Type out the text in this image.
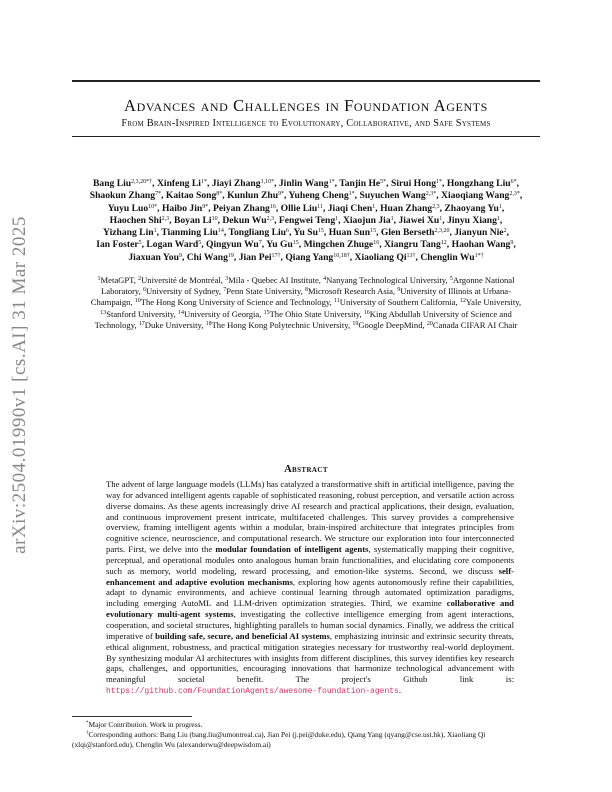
arXiv:2504.01990v1 [cs.AI] 31 Mar 2025
Advances and Challenges in Foundation Agents
From Brain-Inspired Intelligence to Evolutionary, Collaborative, and Safe Systems
Bang Liu$^{2,3,20*\dagger}$, Xinfeng $Li^{1*}$, Jiayi Zhang$^{1,10*}$, Jinlin Wang$^{1*}$, Tanjin $He^{5*}$, Sirui Hong$^{1*}$, Hongzhang Liu$^{6*}$, Shaokun Zhang$^{7*}$, Kaitao Song$^{8*}$, Kunlun Zhu$^{9*}$, Yuheng Cheng$^{1*}$, Suyuchen Wang$^{2,3*}$, Xiaoqiang Wang$^{2,3*}$, Yuyu Luo$^{10*}$, Haibo Jin$^{9*}$, Peiyan Zhang$^{16}$, Ollie Liu$^{11}$, Jiaqi Chen$^1$, Huan Zhang$^{2,3}$, Zhaoyang Yu$^1$, Haochen Shi$^{2,3}$, Boyan Li$^{10}$, Dekun Wu$^{2,3}$, Fengwei Teng$^1$, Xiaojun Jia$^1$, Jiawei Xu$^1$, Jinyu Xiang$^1$, Yizhang Lin$^1$, Tianming Liu$^{14}$, Tongliang Liu$^6$, Yu Su$^{15}$, Huan Sun$^{15}$, Glen Berseth$^{2,3,20}$, Jianyun Nie$^2$, Ian Foster$^5$, Logan Ward$^5$, Qingyun Wu$^7$, Yu Gu$^{15}$, Mingchen Zhuge$^{16}$, Xiangru Tang$^{12}$, Haohan Wang$^9$, Jiaxuan You$^9$, Chi Wang$^{19}$, Jian Pei$^{17\dagger}$, Qiang Yang$^{10,18\dagger}$, Xiaoliang $Qi^{13\dagger}$, Chenglin $Wu^{1*\dagger}$
$^1$MetaGPT, $^2$Université de Montréal, $^3$Mila - Quebec AI Institute, $^4$Nanyang Technological University, $^5$Argonne National Laboratory, $^6$University of Sydney, $^7$Penn State University, $^8$Microsoft Research Asia, $^9$University of Illinois at Urbana-Champaign, $^{10}$The Hong Kong University of Science and Technology, $^{11}$University of Southern California, $^{12}$Yale University, $^{13}$Stanford University, $^{14}$University of Georgia, $^{15}$The Ohio State University, $^{16}$King Abdullah University of Science and Technology, $^{17}$Duke University, $^{18}$The Hong Kong Polytechnic University, $^{19}$Google DeepMind, $^{20}$Canada CIFAR AI Chair
Abstract

The advent of large language models (LLMs) has catalyzed a transformative shift in artificial intelligence, paving the way for advanced intelligent agents capable of sophisticated reasoning, robust perception, and versatile action across diverse domains. As these agents increasingly drive AI research and practical applications, their design, evaluation, and continuous improvement present intricate, multifaceted challenges. This survey provides a comprehensive overview, framing intelligent agents within a modular, brain-inspired architecture that integrates principles from cognitive science, neuroscience, and computational research. We structure our exploration into four interconnected parts. First, we delve into the modular foundation of intelligent agents, systematically mapping their cognitive, perceptual, and operational modules onto analogous human brain functionalities, and elucidating core components such as memory, world modeling, reward processing, and emotion-like systems. Second, we discuss self-enhancement and adaptive evolution mechanisms, exploring how agents autonomously refine their capabilities, adapt to dynamic environments, and achieve continual learning through automated optimization paradigms, including emerging AutoML and LLM-driven optimization strategies. Third, we examine collaborative and evolutionary multi-agent systems, investigating the collective intelligence emerging from agent interactions, cooperation, and societal structures, highlighting parallels to human social dynamics. Finally, we address the critical imperative of building safe, secure, and beneficial AI systems, emphasizing intrinsic and extrinsic security threats, ethical alignment, robustness, and practical mitigation strategies necessary for trustworthy real-world deployment. By synthesizing modular AI architectures with insights from different disciplines, this survey identifies key research gaps, challenges, and opportunities, encouraging innovations that harmonize technological advancement with meaningful societal benefit. The project's Github link is: https://github.com/FoundationAgents/awesome-foundation-agents.

*Major Contribution. Work in progress.

†Corresponding authors: Bang Liu (bang.liu@umontreal.ca), Jian Pei (j.pei@duke.edu), Qiang Yang (qyang@cse.ust.hk), Xiaoliang Qi (xlqi@stanford.edu), Chenglin Wu (alexanderwu@deepwisdom.ai)
